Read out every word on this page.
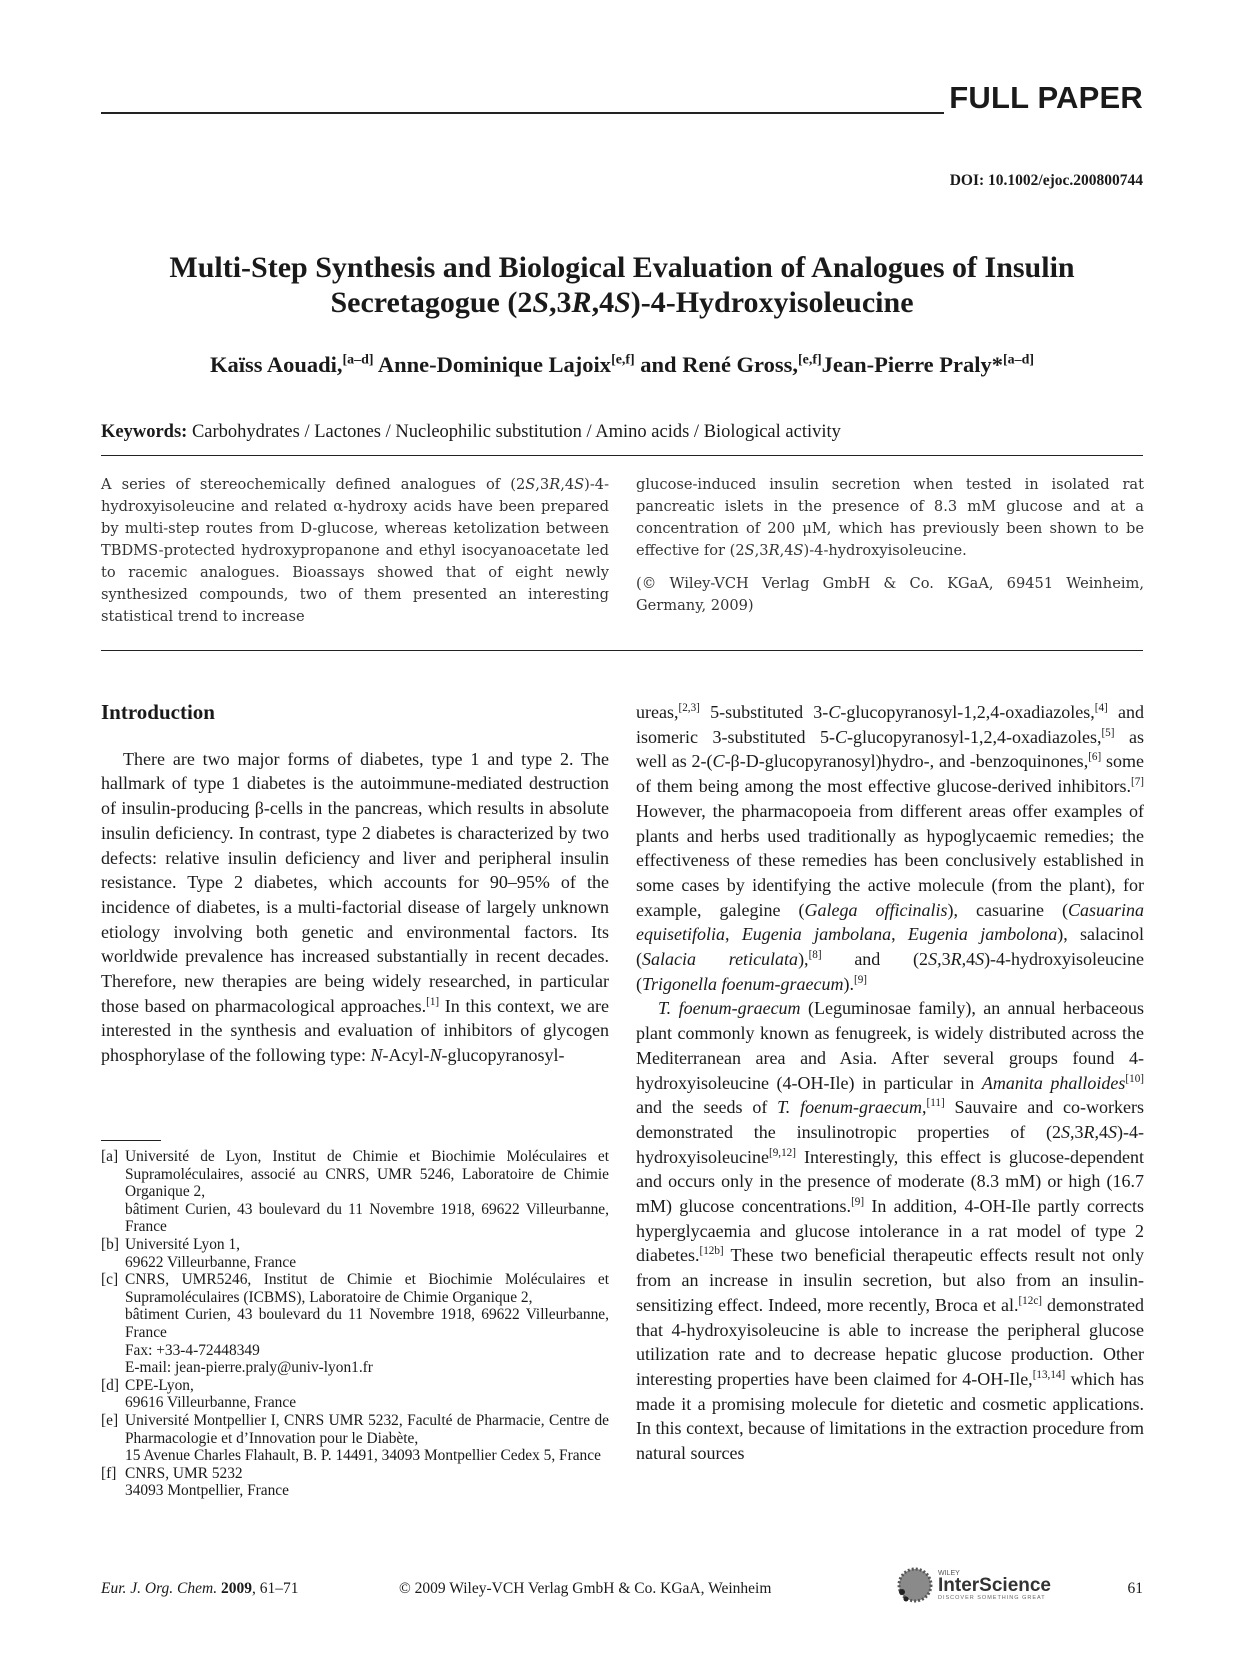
FULL PAPER
DOI: 10.1002/ejoc.200800744
Multi-Step Synthesis and Biological Evaluation of Analogues of Insulin
Secretagogue (2S,3R,4S)-4-Hydroxyisoleucine
Kaïss Aouadi,[a–d] Anne-Dominique Lajoix[e,f] and René Gross,[e,f]Jean-Pierre Praly*[a–d]
Keywords: Carbohydrates / Lactones / Nucleophilic substitution / Amino acids / Biological activity

A series of stereochemically defined analogues of (2S,3R,4S)-4-hydroxyisoleucine and related α-hydroxy acids have been prepared by multi-step routes from D-glucose, whereas ketolization between TBDMS-protected hydroxypropanone and ethyl isocyanoacetate led to racemic analogues. Bioassays showed that of eight newly synthesized compounds, two of them presented an interesting statistical trend to increase

glucose-induced insulin secretion when tested in isolated rat pancreatic islets in the presence of 8.3 mM glucose and at a concentration of 200 μM, which has previously been shown to be effective for (2S,3R,4S)-4-hydroxyisoleucine.

(© Wiley-VCH Verlag GmbH & Co. KGaA, 69451 Weinheim, Germany, 2009)

Introduction

There are two major forms of diabetes, type 1 and type 2. The hallmark of type 1 diabetes is the autoimmune-mediated destruction of insulin-producing β-cells in the pancreas, which results in absolute insulin deficiency. In contrast, type 2 diabetes is characterized by two defects: relative insulin deficiency and liver and peripheral insulin resistance. Type 2 diabetes, which accounts for 90–95% of the incidence of diabetes, is a multi-factorial disease of largely unknown etiology involving both genetic and environmental factors. Its worldwide prevalence has increased substantially in recent decades. Therefore, new therapies are being widely researched, in particular those based on pharmacological approaches.[1] In this context, we are interested in the synthesis and evaluation of inhibitors of glycogen phosphorylase of the following type: N-Acyl-N-glucopyranosyl-

ureas,[2,3] 5-substituted 3-C-glucopyranosyl-1,2,4-oxadiazoles,[4] and isomeric 3-substituted 5-C-glucopyranosyl-1,2,4-oxadiazoles,[5] as well as 2-(C-β-D-glucopyranosyl)hydro-, and -benzoquinones,[6] some of them being among the most effective glucose-derived inhibitors.[7] However, the pharmacopoeia from different areas offer examples of plants and herbs used traditionally as hypoglycaemic remedies; the effectiveness of these remedies has been conclusively established in some cases by identifying the active molecule (from the plant), for example, galegine (Galega officinalis), casuarine (Casuarina equisetifolia, Eugenia jambolana, Eugenia jambolona), salacinol (Salacia reticulata),[8] and (2S,3R,4S)-4-hydroxyisoleucine (Trigonella foenum-graecum).[9]

T. foenum-graecum (Leguminosae family), an annual herbaceous plant commonly known as fenugreek, is widely distributed across the Mediterranean area and Asia. After several groups found 4-hydroxyisoleucine (4-OH-Ile) in particular in Amanita phalloides[10] and the seeds of T. foenum-graecum,[11] Sauvaire and co-workers demonstrated the insulinotropic properties of (2S,3R,4S)-4-hydroxyisoleucine[9,12] Interestingly, this effect is glucose-dependent and occurs only in the presence of moderate (8.3 mM) or high (16.7 mM) glucose concentrations.[9] In addition, 4-OH-Ile partly corrects hyperglycaemia and glucose intolerance in a rat model of type 2 diabetes.[12b] These two beneficial therapeutic effects result not only from an increase in insulin secretion, but also from an insulin-sensitizing effect. Indeed, more recently, Broca et al.[12c] demonstrated that 4-hydroxyisoleucine is able to increase the peripheral glucose utilization rate and to decrease hepatic glucose production. Other interesting properties have been claimed for 4-OH-Ile,[13,14] which has made it a promising molecule for dietetic and cosmetic applications. In this context, because of limitations in the extraction procedure from natural sources

[a] Université de Lyon, Institut de Chimie et Biochimie Moléculaires et Supramoléculaires, associé au CNRS, UMR 5246, Laboratoire de Chimie Organique 2,
bâtiment Curien, 43 boulevard du 11 Novembre 1918, 69622 Villeurbanne, France
[b] Université Lyon 1,
69622 Villeurbanne, France
[c] CNRS, UMR5246, Institut de Chimie et Biochimie Moléculaires et Supramoléculaires (ICBMS), Laboratoire de Chimie Organique 2,
bâtiment Curien, 43 boulevard du 11 Novembre 1918, 69622 Villeurbanne, France
Fax: +33-4-72448349
E-mail: jean-pierre.praly@univ-lyon1.fr
[d] CPE-Lyon,
69616 Villeurbanne, France
[e] Université Montpellier I, CNRS UMR 5232, Faculté de Pharmacie, Centre de Pharmacologie et d’Innovation pour le Diabète,
15 Avenue Charles Flahault, B. P. 14491, 34093 Montpellier Cedex 5, France
[f] CNRS, UMR 5232
34093 Montpellier, France
Eur. J. Org. Chem. 2009, 61–71	© 2009 Wiley-VCH Verlag GmbH & Co. KGaA, Weinheim
WILEY
InterScience
DISCOVER SOMETHING GREAT
61
